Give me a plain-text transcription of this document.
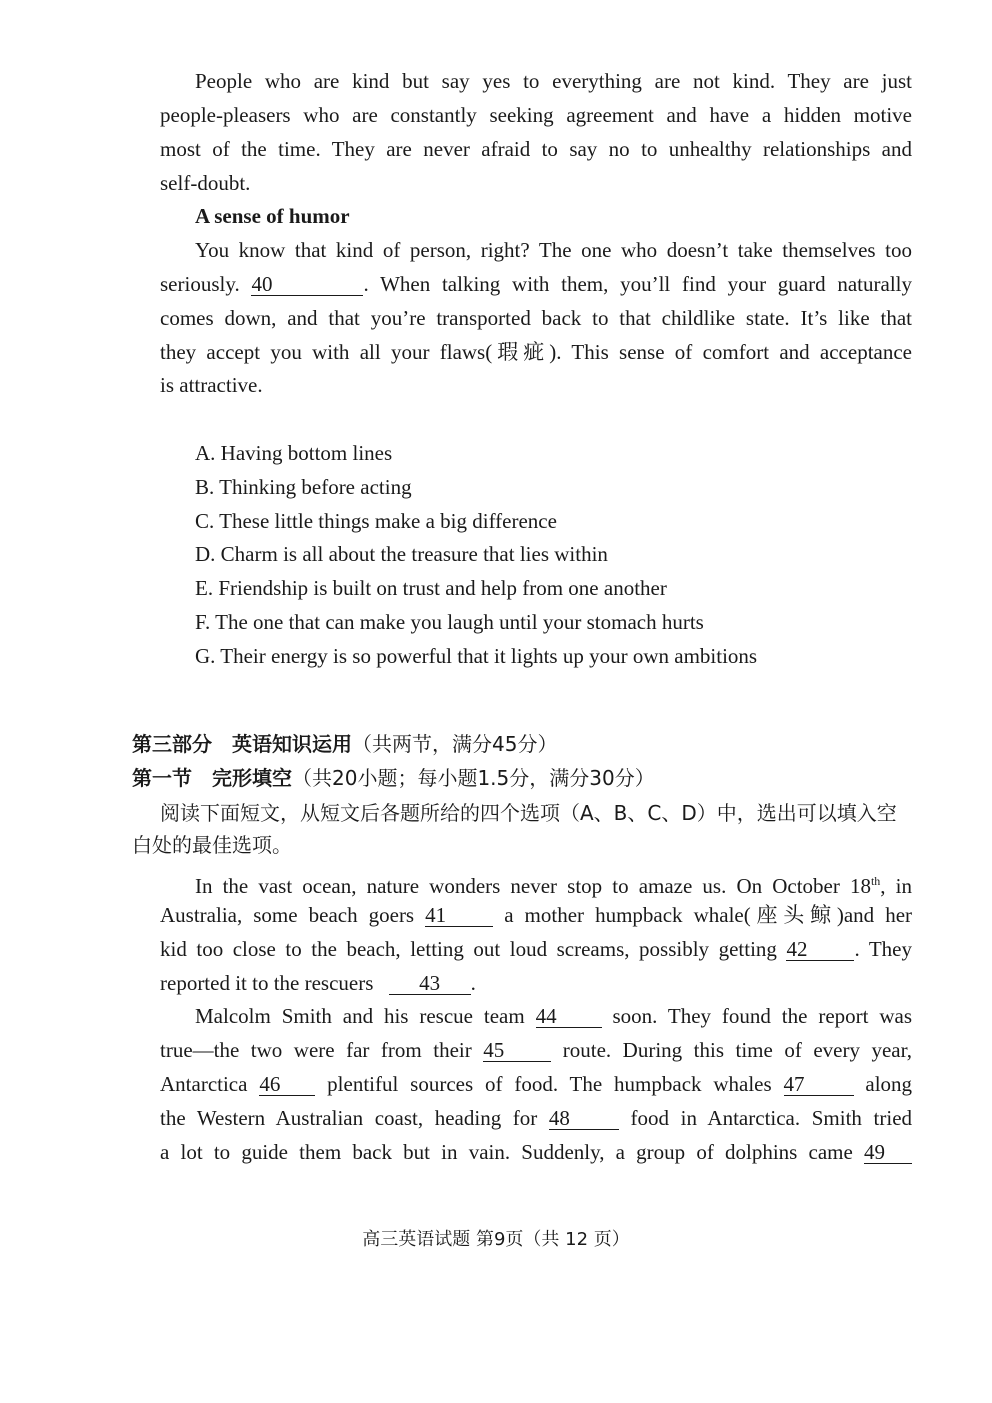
People who are kind but say yes to everything are not kind. They are just
people-pleasers who are constantly seeking agreement and have a hidden motive
most of the time. They are never afraid to say no to unhealthy relationships and
self-doubt.
A sense of humor
You know that kind of person, right? The one who doesn’t take themselves too
seriously. 40	. When talking with them, you’ll find your guard naturally
comes down, and that you’re transported back to that childlike state. It’s like that
they accept you with all your flaws(瑕疵). This sense of comfort and acceptance
is attractive.
A. Having bottom lines
B. Thinking before acting
C. These little things make a big difference
D. Charm is all about the treasure that lies within
E. Friendship is built on trust and help from one another
F. The one that can make you laugh until your stomach hurts
G. Their energy is so powerful that it lights up your own ambitions
第三部分　英语知识运用（共两节，满分45分）
第一节　完形填空（共20小题；每小题1.5分，满分30分）
阅读下面短文，从短文后各题所给的四个选项（A、B、C、D）中，选出可以填入空白处的最佳选项。
In the vast ocean, nature wonders never stop to amaze us. On October 18th, in
Australia, some beach goers 41	a mother humpback whale(座头鲸)and her
kid too close to the beach, letting out loud screams, possibly getting 42 . They
reported it to the rescuers 43 .
Malcolm Smith and his rescue team 44	soon. They found the report was
true—the two were far from their 45	route. During this time of every year,
Antarctica 46 plentiful sources of food. The humpback whales 47	along
the Western Australian coast, heading for 48	food in Antarctica. Smith tried
a lot to guide them back but in vain. Suddenly, a group of dolphins came 49
高三英语试题 第9页（共 12 页）
